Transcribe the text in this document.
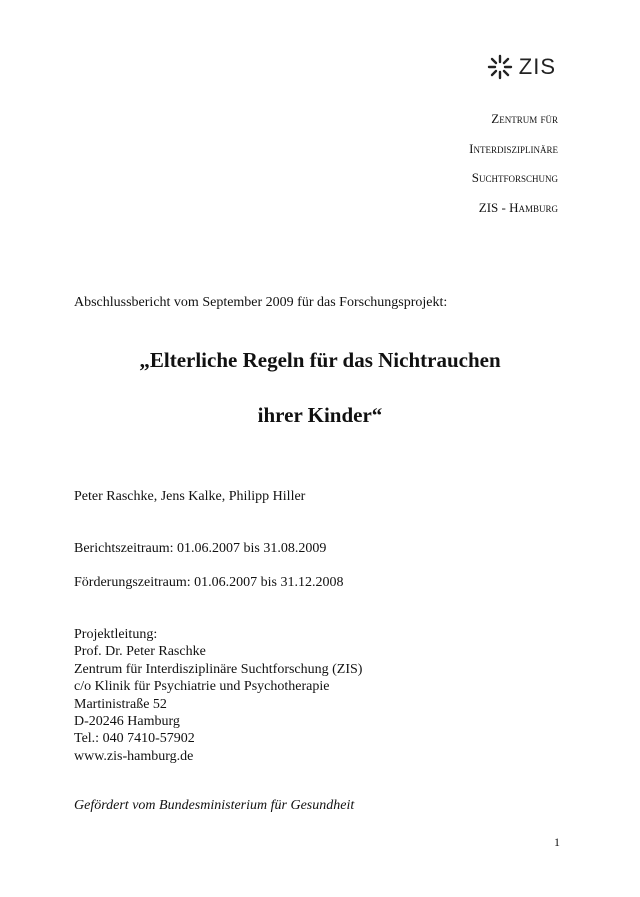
ZIS
Zentrum für
Interdisziplinäre
Suchtforschung
ZIS - Hamburg
Abschlussbericht vom September 2009 für das Forschungsprojekt:
„Elterliche Regeln für das Nichtrauchen
ihrer Kinder“
Peter Raschke, Jens Kalke, Philipp Hiller
Berichtszeitraum: 01.06.2007 bis 31.08.2009
Förderungszeitraum: 01.06.2007 bis 31.12.2008
Projektleitung:
Prof. Dr. Peter Raschke
Zentrum für Interdisziplinäre Suchtforschung (ZIS)
c/o Klinik für Psychiatrie und Psychotherapie
Martinistraße 52
D-20246 Hamburg
Tel.: 040 7410-57902
www.zis-hamburg.de
Gefördert vom Bundesministerium für Gesundheit
1
